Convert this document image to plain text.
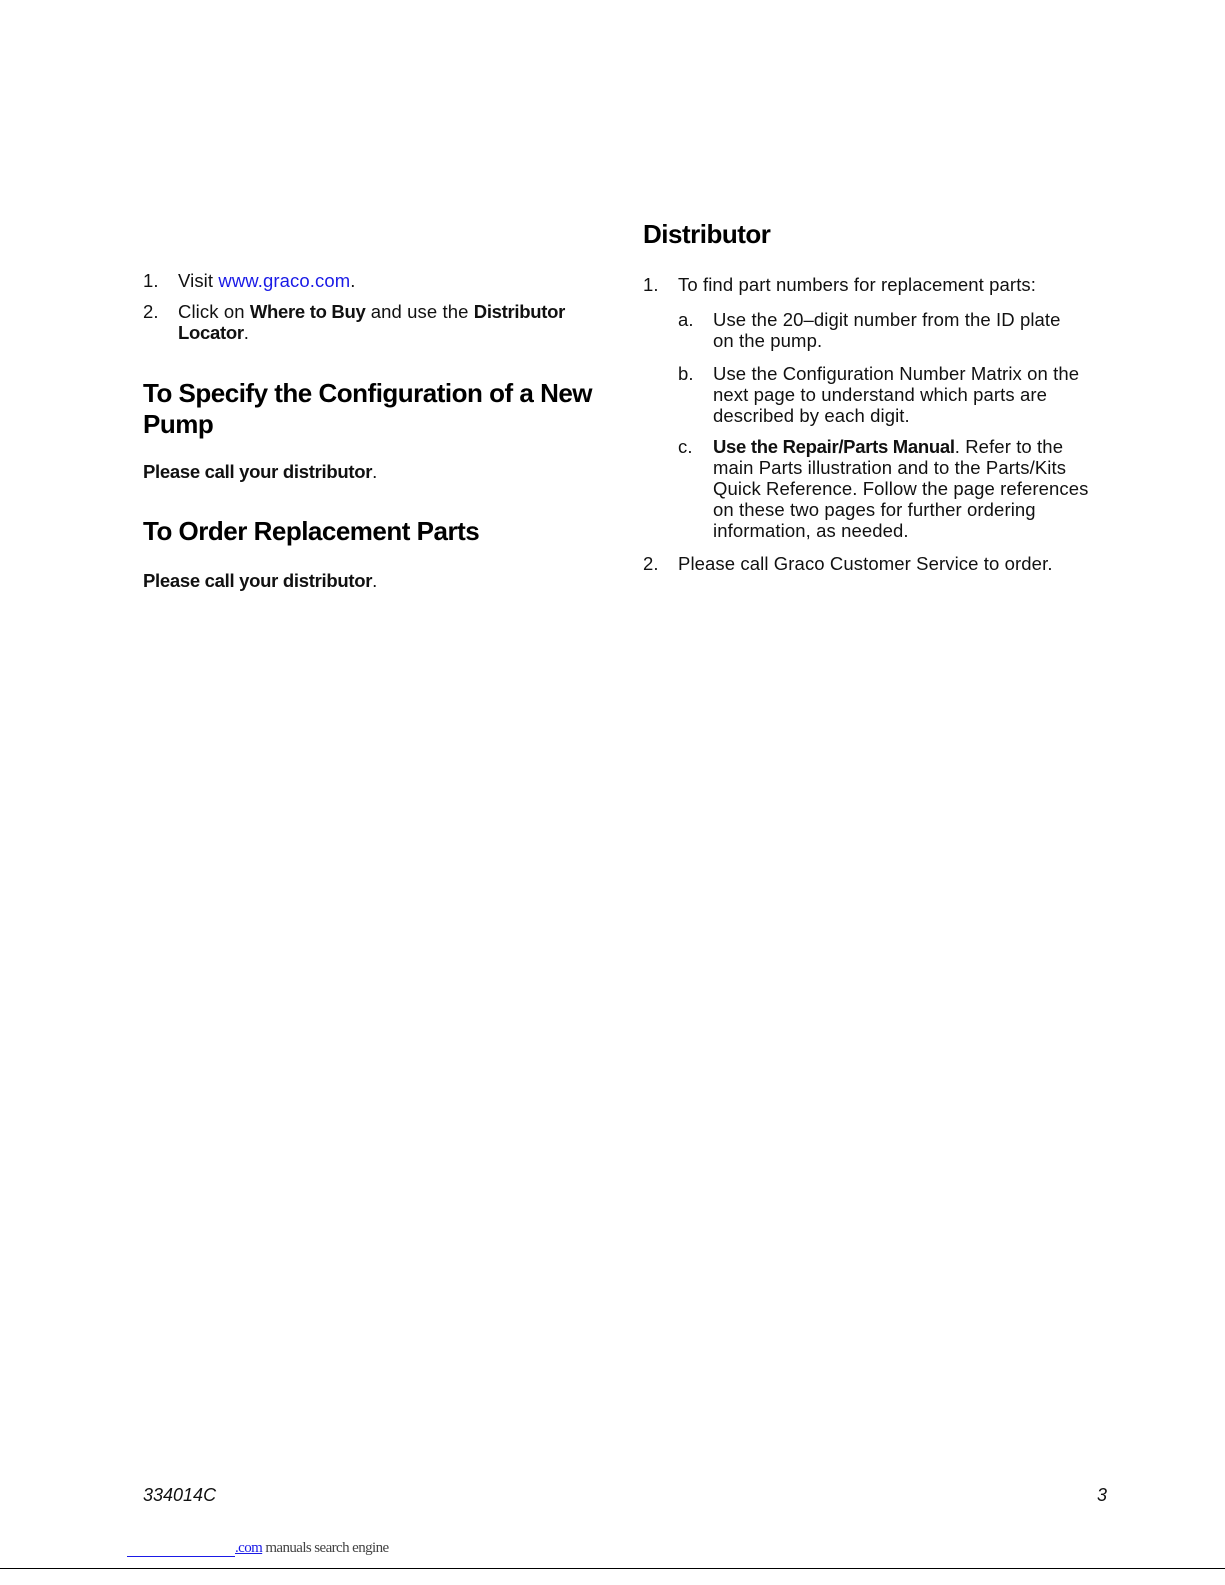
1. Visit www.graco.com.
2. Click on Where to Buy and use the Distributor
Locator.
To Specify the Configuration of a New
Pump
Please call your distributor.
To Order Replacement Parts
Please call your distributor.
Distributor
1. To find part numbers for replacement parts:
a. Use the 20–digit number from the ID plate
on the pump.
b. Use the Configuration Number Matrix on the
next page to understand which parts are
described by each digit.
c. Use the Repair/Parts Manual. Refer to the
main Parts illustration and to the Parts/Kits
Quick Reference. Follow the page references
on these two pages for further ordering
information, as needed.
2. Please call Graco Customer Service to order.
334014C	3
.com manuals search engine
